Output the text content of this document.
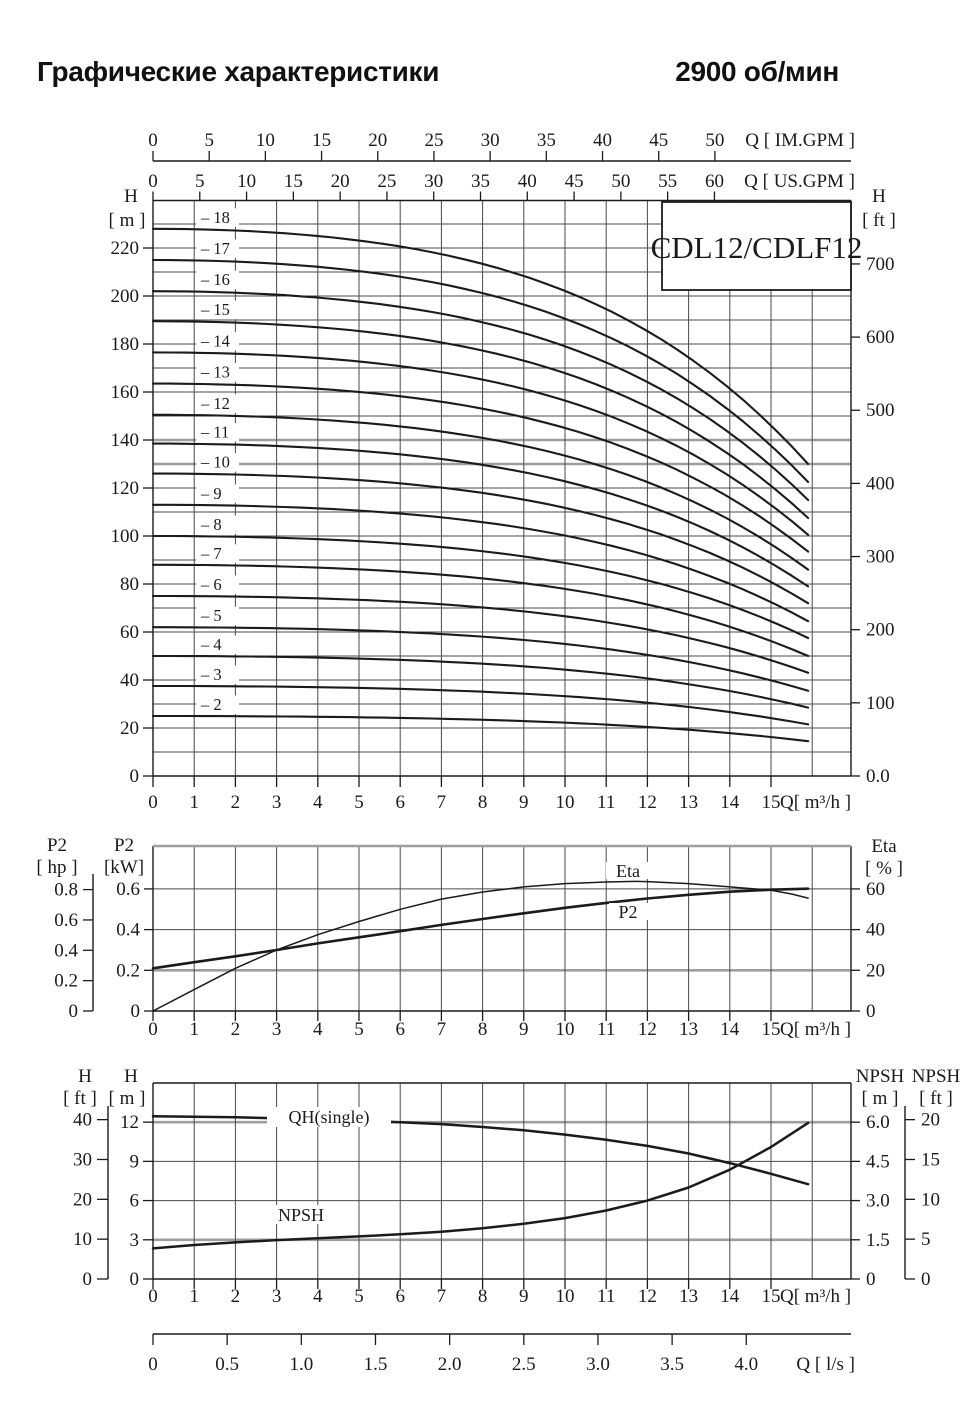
Графические характеристики	2900 об/мин
H
[ m ]
0
20
40
60
80
100
120
140
160
180
200
220
H
[ ft ]
0.0
100
200
300
400
500
600
700
0 1 2 3 4 5 6 7 8 9 10 11 12 13 14 15 Q[ m³/h ]
– 18
– 17
– 16
– 15
– 14
– 13
– 12
– 11
– 10
– 9
– 8
– 7
– 6
– 5
– 4
– 3
– 2
CDL12/CDLF12
0 5 10 15 20 25 30 35 40 45 50 Q [ IM.GPM ]
0 5 10 15 20 25 30 35 40 45 50 55 60 Q [ US.GPM ]
P2
[ hp ]
0
0.2
0.4
0.6
0.8
P2
[kW]
0
0.2
0.4
0.6
Eta
[ % ]
0
20
40
60
0 1 2 3 4 5 6 7 8 9 10 11 12 13 14 15 Q[ m³/h ]
Eta
P2
H
[ ft ]
0
10
20
30
40
H
[ m ]
0
3
6
9
12
NPSH
[ m ]
0
1.5
3.0
4.5
6.0
NPSH
[ ft ]
0
5
10
15
20
0 1 2 3 4 5 6 7 8 9 10 11 12 13 14 15 Q[ m³/h ]
QH(single)
NPSH
0	0.5	1.0	1.5	2.0	2.5	3.0	3.5	4.0 Q [ l/s ]
